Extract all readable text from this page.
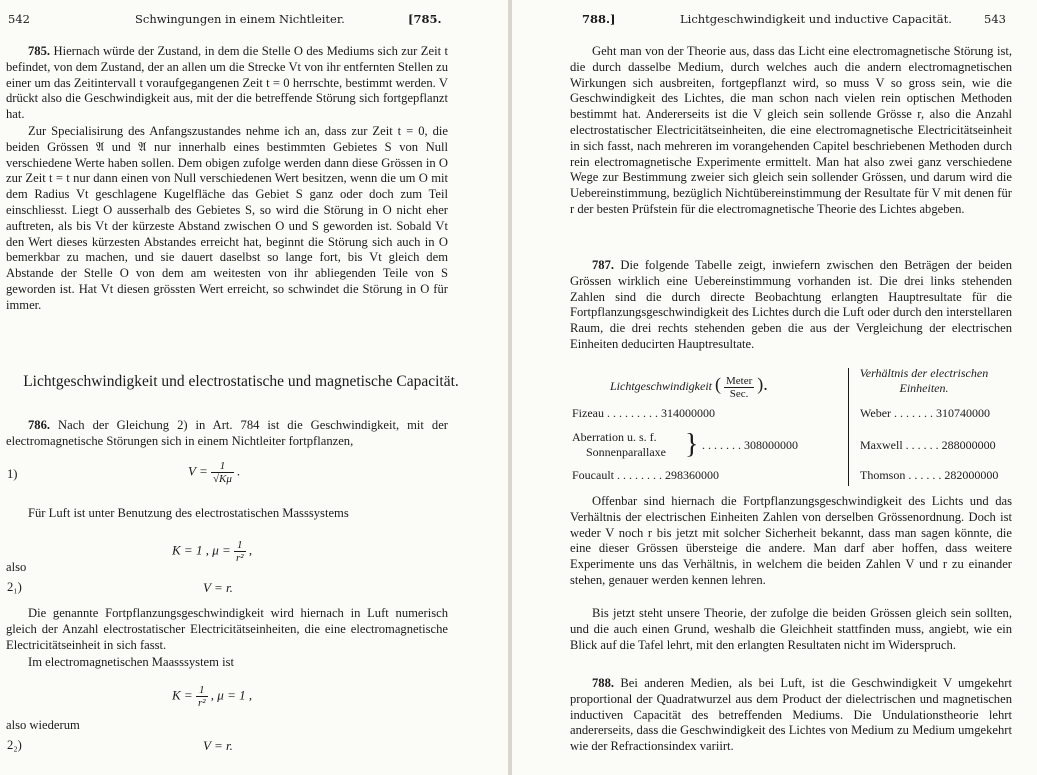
542	Schwingungen in einem Nichtleiter.	[785.

785. Hiernach würde der Zustand, in dem die Stelle O des Mediums sich zur Zeit t befindet, von dem Zustand, der an allen um die Strecke Vt von ihr entfernten Stellen zu einer um das Zeitintervall t voraufgegangenen Zeit t = 0 herrschte, bestimmt werden. V drückt also die Geschwindigkeit aus, mit der die betreffende Störung sich fortgepflanzt hat.

Zur Specialisirung des Anfangszustandes nehme ich an, dass zur Zeit t = 0, die beiden Grössen 𝔄 und 𝔄̇ nur innerhalb eines bestimmten Gebietes S von Null verschiedene Werte haben sollen. Dem obigen zufolge werden dann diese Grössen in O zur Zeit t = t nur dann einen von Null verschiedenen Wert besitzen, wenn die um O mit dem Radius Vt geschlagene Kugelfläche das Gebiet S ganz oder doch zum Teil einschliesst. Liegt O ausserhalb des Gebietes S, so wird die Störung in O nicht eher auftreten, als bis Vt der kürzeste Abstand zwischen O und S geworden ist. Sobald Vt den Wert dieses kürzesten Abstandes erreicht hat, beginnt die Störung sich auch in O bemerkbar zu machen, und sie dauert daselbst so lange fort, bis Vt gleich dem Abstande der Stelle O von dem am weitesten von ihr abliegenden Teile von S geworden ist. Hat Vt diesen grössten Wert erreicht, so schwindet die Störung in O für immer.

Lichtgeschwindigkeit und electrostatische und magnetische Capacität.

786. Nach der Gleichung 2) in Art. 784 ist die Geschwindigkeit, mit der electromagnetische Störungen sich in einem Nichtleiter fortpflanzen,

1)	$V = \frac{1}{√K\mu}$ .
Für Luft ist unter Benutzung des electrostatischen Masssystems
K = 1 , $\mu = \frac{1}{\text{r²}}$ ,
also
2₁)	V = r.

Die genannte Fortpflanzungsgeschwindigkeit wird hiernach in Luft numerisch gleich der Anzahl electrostatischer Electricitätseinheiten, die eine electromagnetische Electricitätseinheit in sich fasst.

Im electromagnetischen Maasssystem ist
$K = \frac{1}{\text{r²}}$ , μ = 1 ,
also wiederum
2₂)	V = r.
788.]	Lichtgeschwindigkeit und inductive Capacität.	543

Geht man von der Theorie aus, dass das Licht eine electromagnetische Störung ist, die durch dasselbe Medium, durch welches auch die andern electromagnetischen Wirkungen sich ausbreiten, fortgepflanzt wird, so muss V so gross sein, wie die Geschwindigkeit des Lichtes, die man schon nach vielen rein optischen Methoden bestimmt hat. Andererseits ist die V gleich sein sollende Grösse r, also die Anzahl electrostatischer Electricitätseinheiten, die eine electromagnetische Electricitätseinheit in sich fasst, nach mehreren im vorangehenden Capitel beschriebenen Methoden durch rein electromagnetische Experimente ermittelt. Man hat also zwei ganz verschiedene Wege zur Bestimmung zweier sich gleich sein sollender Grössen, und darum wird die Uebereinstimmung, bezüglich Nichtübereinstimmung der Resultate für V mit denen für r der besten Prüfstein für die electromagnetische Theorie des Lichtes abgeben.

787. Die folgende Tabelle zeigt, inwiefern zwischen den Beträgen der beiden Grössen wirklich eine Uebereinstimmung vorhanden ist. Die drei links stehenden Zahlen sind die durch directe Beobachtung erlangten Hauptresultate für die Fortpflanzungsgeschwindigkeit des Lichtes durch die Luft oder durch den interstellaren Raum, die drei rechts stehenden geben die aus der Vergleichung der electrischen Einheiten deducirten Hauptresultate.

Lichtgeschwindigkeit ( $\frac{\text{Meter}}{\text{Sec.}}$ ).
Verhältnis der electrischen
Einheiten.
Fizeau . . . . . . . . . 314000000	Weber . . . . . . . 310740000
Aberration u. s. f.
Sonnenparallaxe } . . . . . . . 308000000	Maxwell . . . . . . 288000000
Foucault . . . . . . . . 298360000	Thomson . . . . . . 282000000

Offenbar sind hiernach die Fortpflanzungsgeschwindigkeit des Lichts und das Verhältnis der electrischen Einheiten Zahlen von derselben Grössenordnung. Doch ist weder V noch r bis jetzt mit solcher Sicherheit bekannt, dass man sagen könnte, die eine dieser Grössen übersteige die andere. Man darf aber hoffen, dass weitere Experimente uns das Verhältnis, in welchem die beiden Zahlen V und r zu einander stehen, genauer werden kennen lehren.

Bis jetzt steht unsere Theorie, der zufolge die beiden Grössen gleich sein sollten, und die auch einen Grund, weshalb die Gleichheit stattfinden muss, angiebt, wie ein Blick auf die Tafel lehrt, mit den erlangten Resultaten nicht im Widerspruch.

788. Bei anderen Medien, als bei Luft, ist die Geschwindigkeit V umgekehrt proportional der Quadratwurzel aus dem Product der dielectrischen und magnetischen inductiven Capacität des betreffenden Mediums. Die Undulationstheorie lehrt andererseits, dass die Geschwindigkeit des Lichtes von Medium zu Medium umgekehrt wie der Refractionsindex variirt.
